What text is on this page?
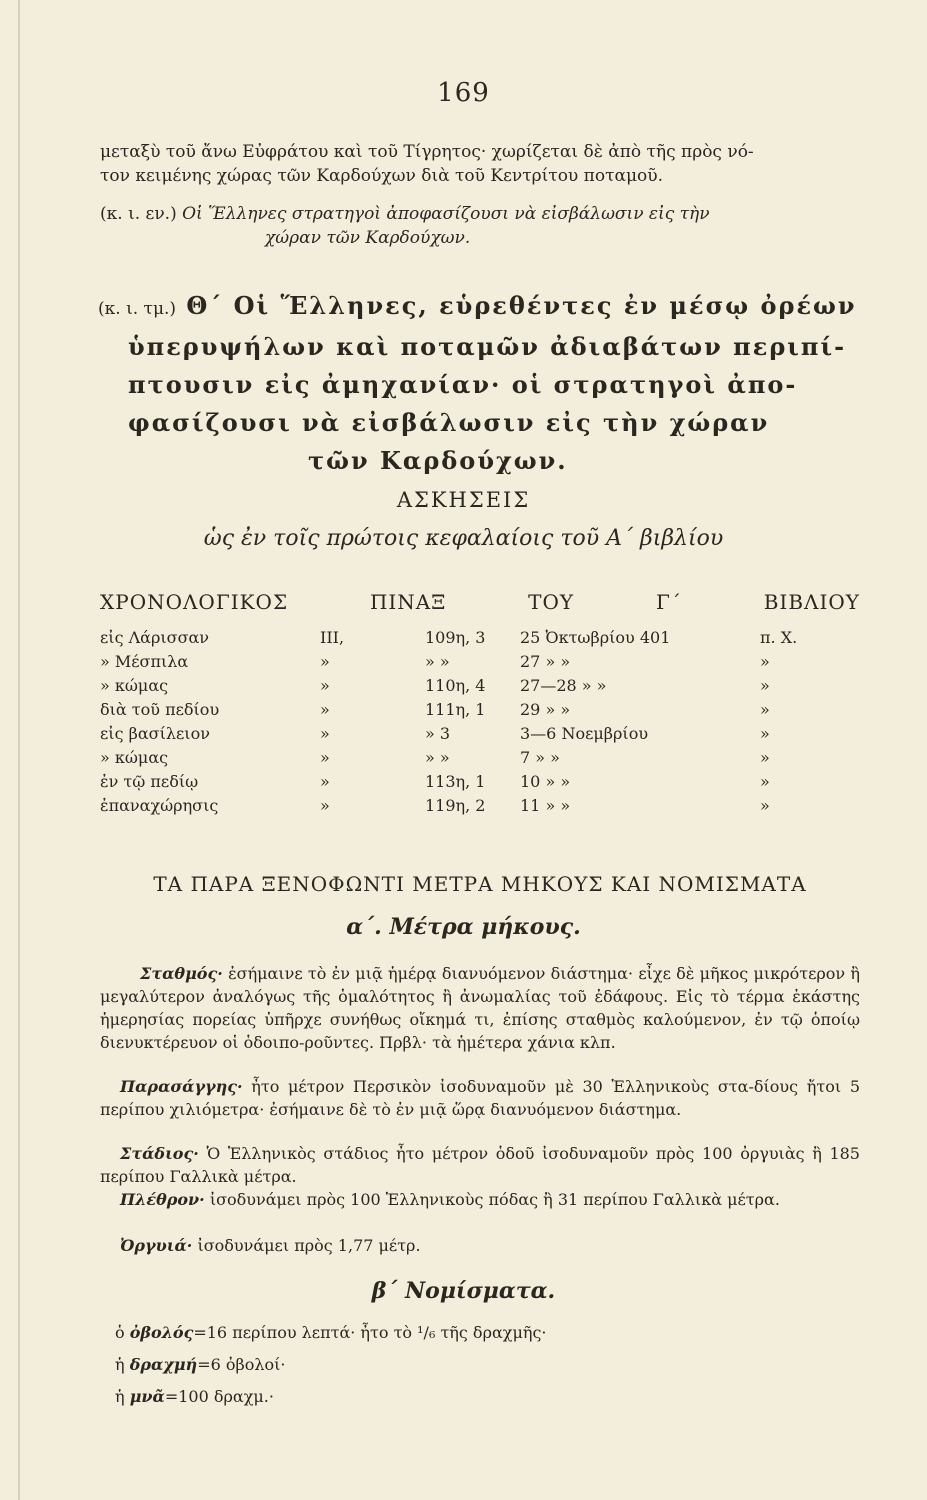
169
μεταξὺ τοῦ ἄνω Εὐφράτου καὶ τοῦ Τίγρητος· χωρίζεται δὲ ἀπὸ τῆς πρὸς νό-
τον κειμένης χώρας τῶν Καρδούχων διὰ τοῦ Κεντρίτου ποταμοῦ.
(κ. ι. εν.) Οἱ Ἕλληνες στρατηγοὶ ἀποφασίζουσι νὰ εἰσβάλωσιν εἰς τὴν
χώραν τῶν Καρδούχων.
(κ. ι. τμ.) Θ΄ Οἱ Ἕλληνες, εὑρεθέντες ἐν μέσῳ ὀρέων
ὑπερυψήλων καὶ ποταμῶν ἀδιαβάτων περιπί-
πτουσιν εἰς ἀμηχανίαν· οἱ στρατηγοὶ ἀπο-
φασίζουσι νὰ εἰσβάλωσιν εἰς τὴν χώραν
τῶν Καρδούχων.
ΑΣΚΗΣΕΙΣ
ὡς ἐν τοῖς πρώτοις κεφαλαίοις τοῦ Α΄ βιβλίου
ΧΡΟΝΟΛΟΓΙΚΟΣ	ΠΙΝΑΞ	ΤΟΥ	Γ΄	ΒΙΒΛΙΟΥ
εἰς Λάρισσαν	III,	109η, 3	25 Ὀκτωβρίου 401	π. Χ.
» Μέσπιλα	»	» »	27 » »	»
» κώμας	»	110η, 4	27—28 » »	»
διὰ τοῦ πεδίου	»	111η, 1	29 » »	»
εἰς βασίλειον	»	» 3	3—6 Νοεμβρίου	»
» κώμας	»	» »	7 » »	»
ἐν τῷ πεδίῳ	»	113η, 1	10 » »	»
ἐπαναχώρησις	»	119η, 2	11 » »	»
ΤΑ ΠΑΡΑ ΞΕΝΟΦΩΝΤΙ ΜΕΤΡΑ ΜΗΚΟΥΣ ΚΑΙ ΝΟΜΙΣΜΑΤΑ
α΄. Μέτρα μήκους.
Σταθμός· ἐσήμαινε τὸ ἐν μιᾷ ἡμέρᾳ διανυόμενον διάστημα· εἶχε δὲ μῆκος μικρότερον ἢ μεγαλύτερον ἀναλόγως τῆς ὁμαλότητος ἢ ἀνωμαλίας τοῦ ἐδάφους. Εἰς τὸ τέρμα ἑκάστης ἡμερησίας πορείας ὑπῆρχε συνήθως οἴκημά τι, ἐπίσης σταθμὸς καλούμενον, ἐν τῷ ὁποίῳ διενυκτέρευον οἱ ὁδοιπο-ροῦντες. Πρβλ· τὰ ἡμέτερα χάνια κλπ.
Παρασάγγης· ἦτο μέτρον Περσικὸν ἰσοδυναμοῦν μὲ 30 Ἑλληνικοὺς στα-δίους ἤτοι 5 περίπου χιλιόμετρα· ἐσήμαινε δὲ τὸ ἐν μιᾷ ὥρᾳ διανυόμενον διάστημα.
Στάδιος· Ὁ Ἑλληνικὸς στάδιος ἦτο μέτρον ὁδοῦ ἰσοδυναμοῦν πρὸς 100 ὀργυιὰς ἢ 185 περίπου Γαλλικὰ μέτρα.
Πλέθρον· ἰσοδυνάμει πρὸς 100 Ἑλληνικοὺς πόδας ἢ 31 περίπου Γαλλικὰ μέτρα.
Ὀργυιά· ἰσοδυνάμει πρὸς 1,77 μέτρ.
β΄ Νομίσματα.
ὁ ὀβολός=16 περίπου λεπτά· ἦτο τὸ ¹/₆ τῆς δραχμῆς·
ἡ δραχμή=6 ὀβολοί·
ἡ μνᾶ=100 δραχμ.·
